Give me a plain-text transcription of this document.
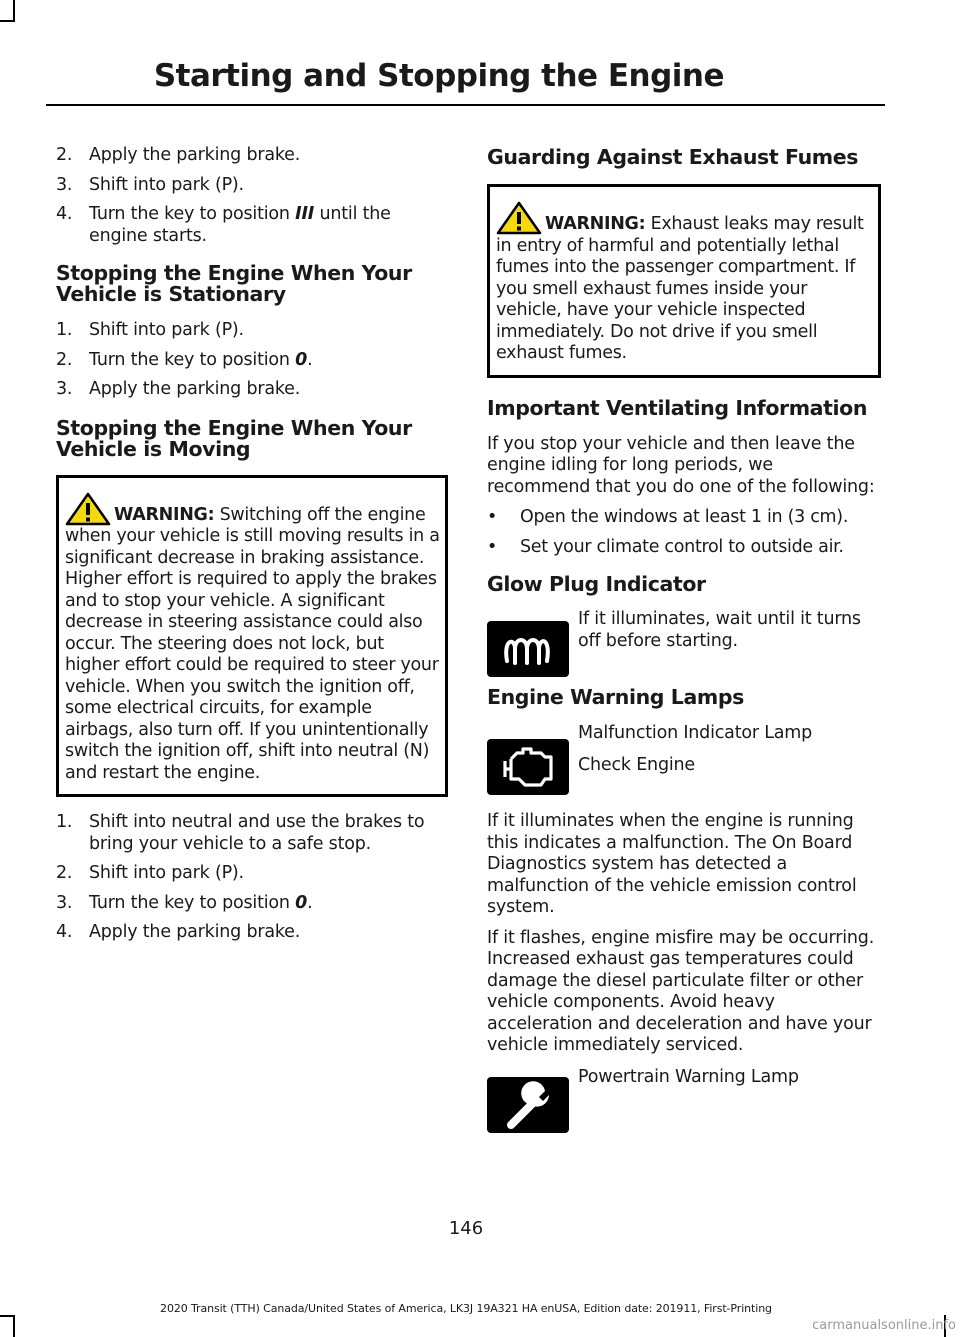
Starting and Stopping the Engine
2. Apply the parking brake.
3. Shift into park (P).
4. Turn the key to position III until the engine starts.
Stopping the Engine When Your Vehicle is Stationary
1. Shift into park (P).
2. Turn the key to position 0.
3. Apply the parking brake.
Stopping the Engine When Your Vehicle is Moving
WARNING: Switching off the engine when your vehicle is still moving results in a significant decrease in braking assistance. Higher effort is required to apply the brakes and to stop your vehicle. A significant decrease in steering assistance could also occur. The steering does not lock, but higher effort could be required to steer your vehicle. When you switch the ignition off, some electrical circuits, for example airbags, also turn off. If you unintentionally switch the ignition off, shift into neutral (N) and restart the engine.
1. Shift into neutral and use the brakes to bring your vehicle to a safe stop.
2. Shift into park (P).
3. Turn the key to position 0.
4. Apply the parking brake.
Guarding Against Exhaust Fumes
WARNING: Exhaust leaks may result in entry of harmful and potentially lethal fumes into the passenger compartment. If you smell exhaust fumes inside your vehicle, have your vehicle inspected immediately. Do not drive if you smell exhaust fumes.
Important Ventilating Information

If you stop your vehicle and then leave the engine idling for long periods, we recommend that you do one of the following:

• Open the windows at least 1 in (3 cm).
• Set your climate control to outside air.
Glow Plug Indicator

If it illuminates, wait until it turns off before starting.

Engine Warning Lamps

Malfunction Indicator Lamp

Check Engine

If it illuminates when the engine is running this indicates a malfunction. The On Board Diagnostics system has detected a malfunction of the vehicle emission control system.

If it flashes, engine misfire may be occurring. Increased exhaust gas temperatures could damage the diesel particulate filter or other vehicle components. Avoid heavy acceleration and deceleration and have your vehicle immediately serviced.

Powertrain Warning Lamp

146
2020 Transit (TTH) Canada/United States of America, LK3J 19A321 HA enUSA, Edition date: 201911, First-Printing
carmanualsonline.info
